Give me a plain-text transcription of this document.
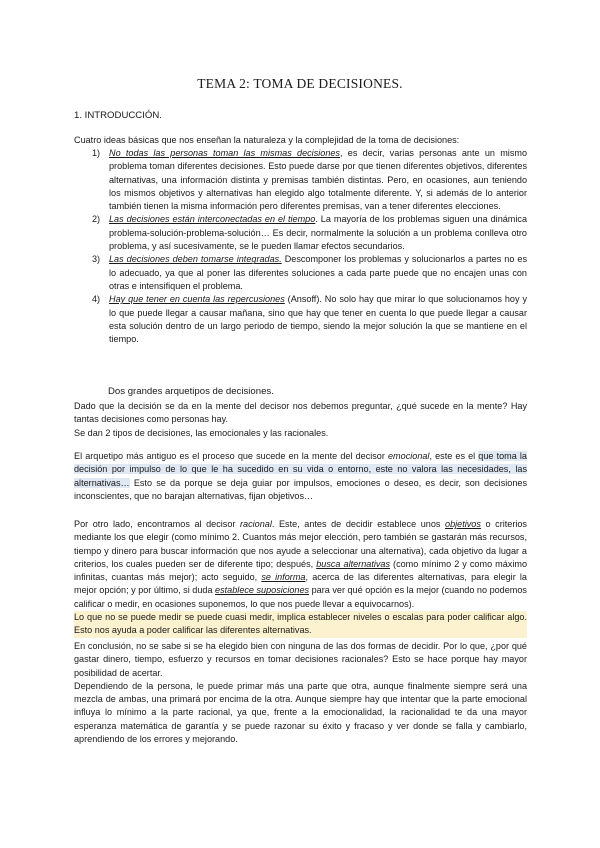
TEMA 2: TOMA DE DECISIONES.
1. INTRODUCCIÓN.
Cuatro ideas básicas que nos enseñan la naturaleza y la complejidad de la toma de decisiones:
1) No todas las personas toman las mismas decisiones, es decir, varias personas ante un mismo problema toman diferentes decisiones. Esto puede darse por que tienen diferentes objetivos, diferentes alternativas, una información distinta y premisas también distintas. Pero, en ocasiones, aun teniendo los mismos objetivos y alternativas han elegido algo totalmente diferente. Y, si además de lo anterior también tienen la misma información pero diferentes premisas, van a tener diferentes elecciones.
2) Las decisiones están interconectadas en el tiempo. La mayoría de los problemas siguen una dinámica problema-solución-problema-solución… Es decir, normalmente la solución a un problema conlleva otro problema, y así sucesivamente, se le pueden llamar efectos secundarios.
3) Las decisiones deben tomarse integradas. Descomponer los problemas y solucionarlos a partes no es lo adecuado, ya que al poner las diferentes soluciones a cada parte puede que no encajen unas con otras e intensifiquen el problema.
4) Hay que tener en cuenta las repercusiones (Ansoff). No solo hay que mirar lo que solucionamos hoy y lo que puede llegar a causar mañana, sino que hay que tener en cuenta lo que puede llegar a causar esta solución dentro de un largo periodo de tiempo, siendo la mejor solución la que se mantiene en el tiempo.
Dos grandes arquetipos de decisiones.
Dado que la decisión se da en la mente del decisor nos debemos preguntar, ¿qué sucede en la mente? Hay tantas decisiones como personas hay.
Se dan 2 tipos de decisiones, las emocionales y las racionales.
El arquetipo más antiguo es el proceso que sucede en la mente del decisor emocional, este es el que toma la decisión por impulso de lo que le ha sucedido en su vida o entorno, este no valora las necesidades, las alternativas… Esto se da porque se deja guiar por impulsos, emociones o deseo, es decir, son decisiones inconscientes, que no barajan alternativas, fijan objetivos…
Por otro lado, encontramos al decisor racional. Este, antes de decidir establece unos objetivos o criterios mediante los que elegir (como mínimo 2. Cuantos más mejor elección, pero también se gastarán más recursos, tiempo y dinero para buscar información que nos ayude a seleccionar una alternativa), cada objetivo da lugar a criterios, los cuales pueden ser de diferente tipo; después, busca alternativas (como mínimo 2 y como máximo infinitas, cuantas más mejor); acto seguido, se informa, acerca de las diferentes alternativas, para elegir la mejor opción; y por último, si duda establece suposiciones para ver qué opción es la mejor (cuando no podemos calificar o medir, en ocasiones suponemos, lo que nos puede llevar a equivocarnos).
Lo que no se puede medir se puede cuasi medir, implica establecer niveles o escalas para poder calificar algo. Esto nos ayuda a poder calificar las diferentes alternativas.
En conclusión, no se sabe si se ha elegido bien con ninguna de las dos formas de decidir. Por lo que, ¿por qué gastar dinero, tiempo, esfuerzo y recursos en tomar decisiones racionales? Esto se hace porque hay mayor posibilidad de acertar.
Dependiendo de la persona, le puede primar más una parte que otra, aunque finalmente siempre será una mezcla de ambas, una primará por encima de la otra. Aunque siempre hay que intentar que la parte emocional influya lo mínimo a la parte racional, ya que, frente a la emocionalidad, la racionalidad te da una mayor esperanza matemática de garantía y se puede razonar su éxito y fracaso y ver donde se falla y cambiarlo, aprendiendo de los errores y mejorando.
